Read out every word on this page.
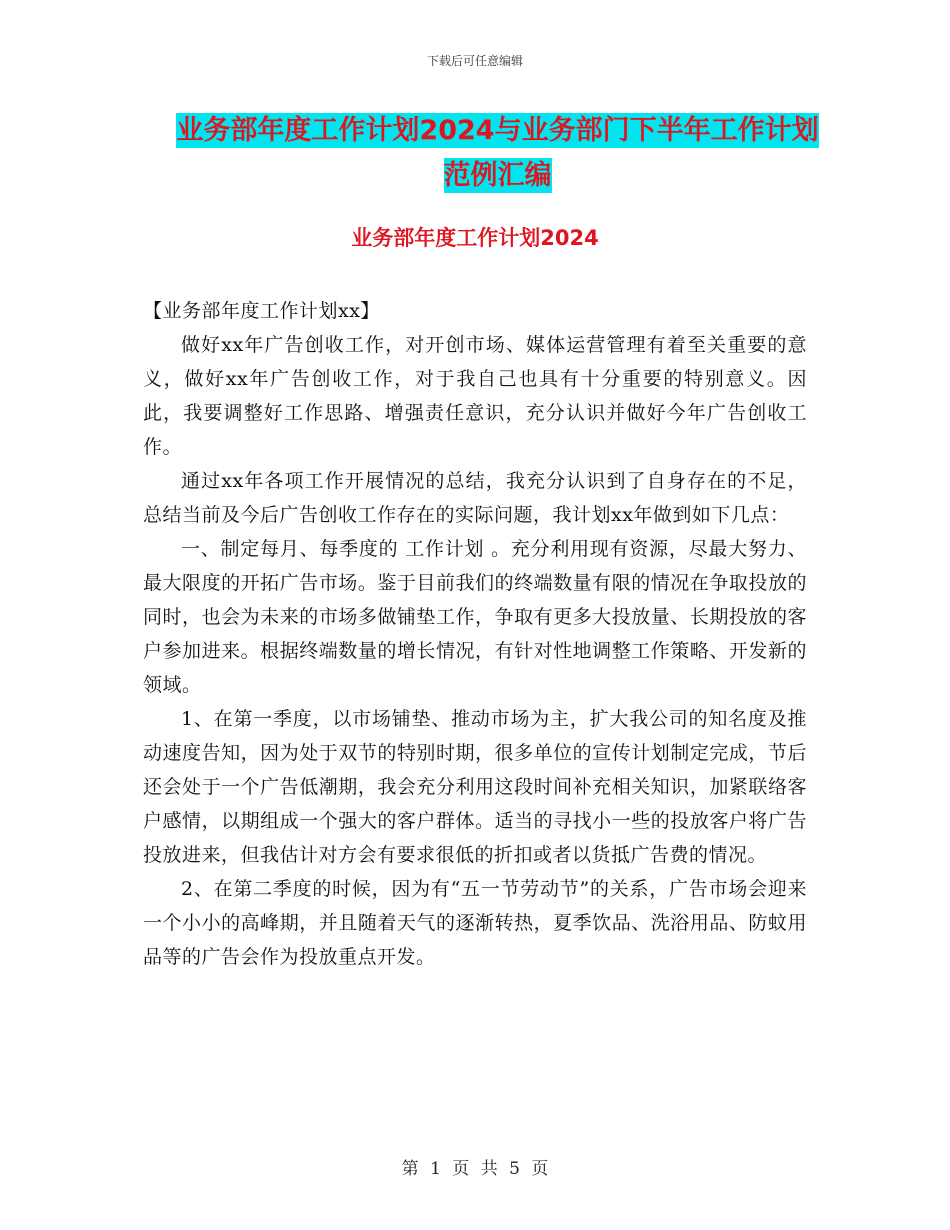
下载后可任意编辑
业务部年度工作计划2024与业务部门下半年工作计划
范例汇编
业务部年度工作计划2024

【业务部年度工作计划xx】

做好xx年广告创收工作，对开创市场、媒体运营管理有着至关重要的意义，做好xx年广告创收工作，对于我自己也具有十分重要的特别意义。因此，我要调整好工作思路、增强责任意识，充分认识并做好今年广告创收工作。

通过xx年各项工作开展情况的总结，我充分认识到了自身存在的不足，总结当前及今后广告创收工作存在的实际问题，我计划xx年做到如下几点：

一、制定每月、每季度的 工作计划 。充分利用现有资源，尽最大努力、最大限度的开拓广告市场。鉴于目前我们的终端数量有限的情况在争取投放的同时，也会为未来的市场多做铺垫工作，争取有更多大投放量、长期投放的客户参加进来。根据终端数量的增长情况，有针对性地调整工作策略、开发新的领域。

1、在第一季度，以市场铺垫、推动市场为主，扩大我公司的知名度及推动速度告知，因为处于双节的特别时期，很多单位的宣传计划制定完成，节后还会处于一个广告低潮期，我会充分利用这段时间补充相关知识，加紧联络客户感情，以期组成一个强大的客户群体。适当的寻找小一些的投放客户将广告投放进来，但我估计对方会有要求很低的折扣或者以货抵广告费的情况。

2、在第二季度的时候，因为有“五一节劳动节”的关系，广告市场会迎来一个小小的高峰期，并且随着天气的逐渐转热，夏季饮品、洗浴用品、防蚊用品等的广告会作为投放重点开发。

第 1 页 共 5 页
